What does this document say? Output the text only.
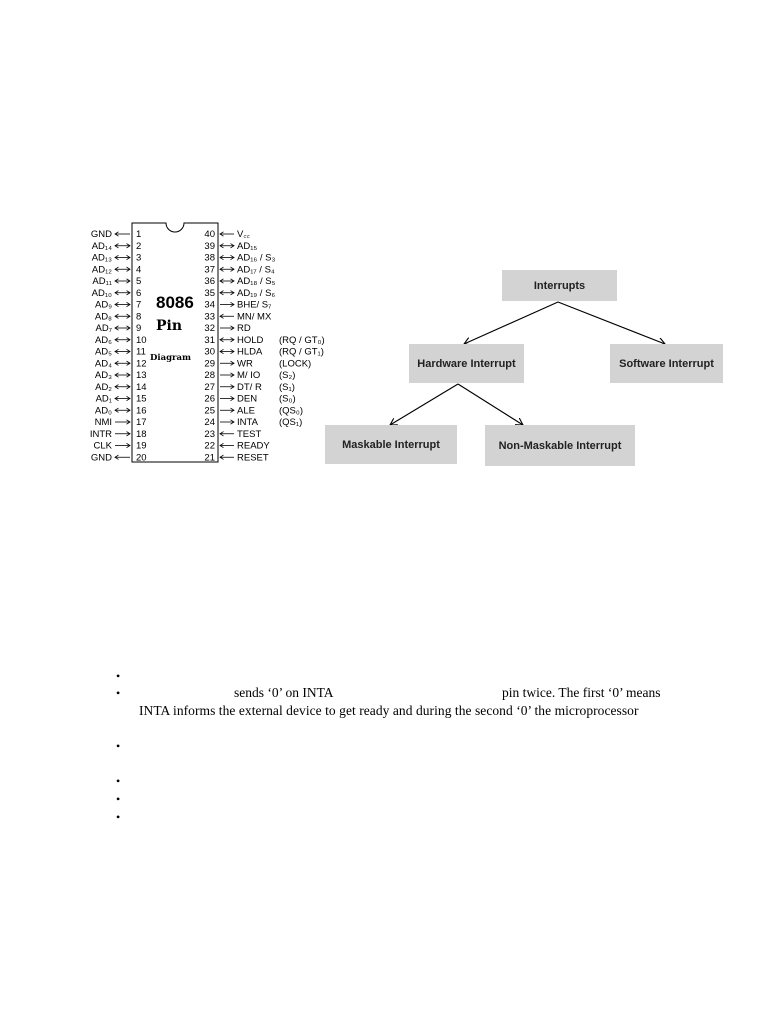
8086
Pin
Diagram
GND	1
AD₁₄	2
AD₁₃	3
AD₁₂	4
AD₁₁	5
AD₁₀	6
AD₉	7
AD₈	8
AD₇	9
AD₆	10
AD₅	11
AD₄	12
AD₃	13
AD₂	14
AD₁	15
AD₀	16
NMI	17
INTR	18
CLK	19
GND	20
40 V꜀꜀
39 AD₁₅
38 AD₁₆ / S₃
37 AD₁₇ / S₄
36 AD₁₈ / S₅
35 AD₁₉ / S₆
34 BHE/ S₇
33 MN/ MX
32 RD
31 HOLD (RQ / GT₀)
30 HLDA (RQ / GT₁)
29 WR	(LOCK)
28 M/ IO (S₂)
27 DT/ R (S₁)
26 DEN (S₀)
25 ALE	(QS₀)
24 INTA (QS₁)
23 TEST
22 READY
21 RESET
Interrupts
Hardware Interrupt	Software Interrupt
Maskable Interrupt	Non-Maskable Interrupt
•
•
•
•
•
•
sends ‘0’ on INTA	pin twice. The first ‘0’ means
INTA informs the external device to get ready and during the second ‘0’ the microprocessor
